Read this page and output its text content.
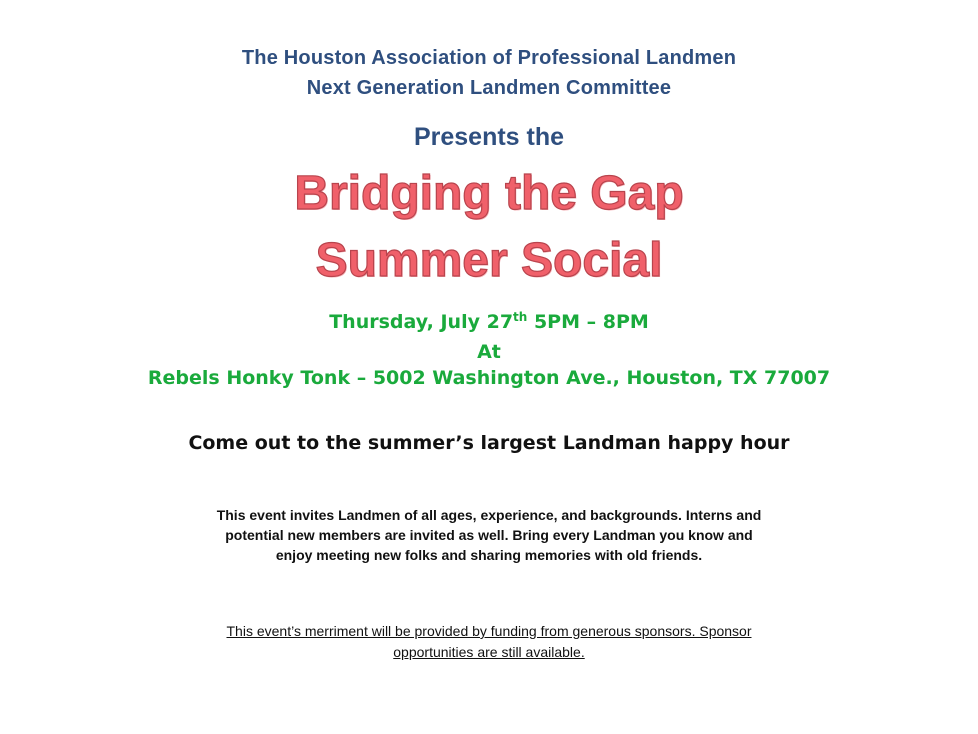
The Houston Association of Professional Landmen
Next Generation Landmen Committee
Presents the
Bridging the Gap
Summer Social
Thursday, July 27th 5PM – 8PM
At
Rebels Honky Tonk – 5002 Washington Ave., Houston, TX 77007
Come out to the summer’s largest Landman happy hour
This event invites Landmen of all ages, experience, and backgrounds. Interns and
potential new members are invited as well. Bring every Landman you know and
enjoy meeting new folks and sharing memories with old friends.
This event’s merriment will be provided by funding from generous sponsors. Sponsor
opportunities are still available.
